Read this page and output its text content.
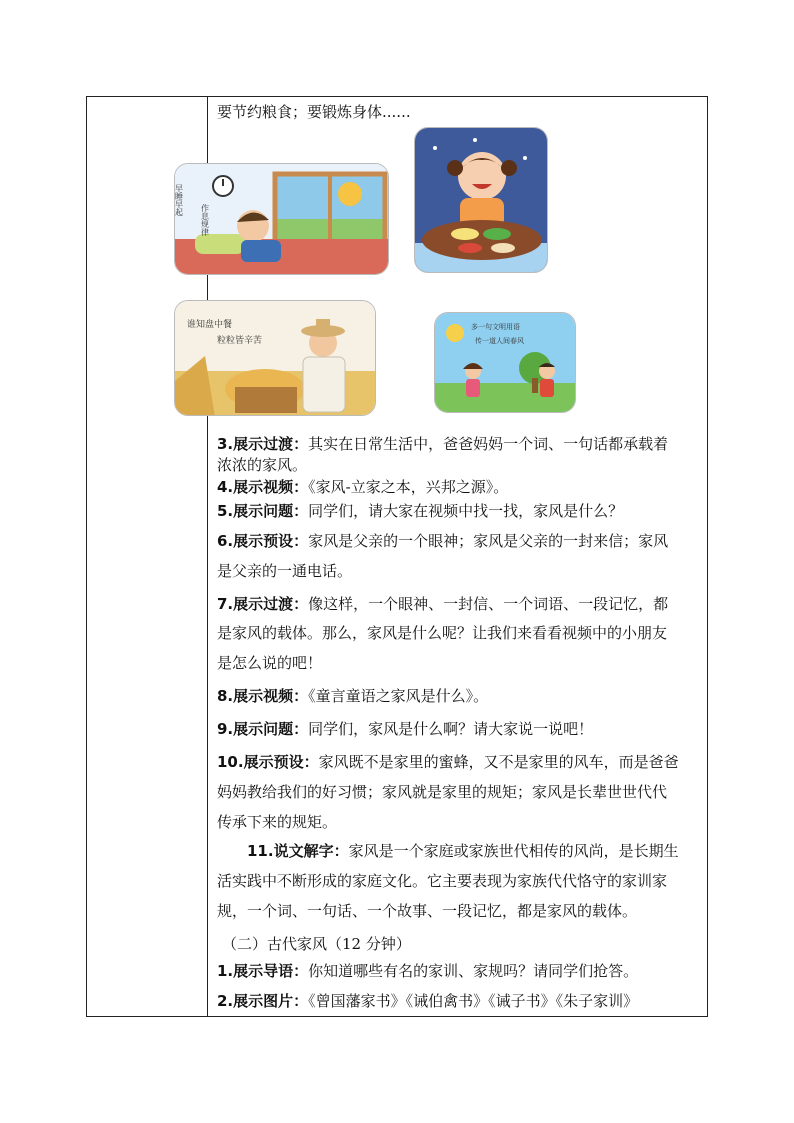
要节约粮食；要锻炼身体......
早睡早起
作息规律
谁知盘中餐
粒粒皆辛苦
多一句文明用语
传一道人间春风
3.展示过渡：其实在日常生活中，爸爸妈妈一个词、一句话都承载着
浓浓的家风。
4.展示视频：《家风-立家之本，兴邦之源》。
5.展示问题：同学们，请大家在视频中找一找，家风是什么？
6.展示预设：家风是父亲的一个眼神；家风是父亲的一封来信；家风
是父亲的一通电话。
7.展示过渡：像这样，一个眼神、一封信、一个词语、一段记忆，都
是家风的载体。那么，家风是什么呢？让我们来看看视频中的小朋友
是怎么说的吧！
8.展示视频：《童言童语之家风是什么》。
9.展示问题：同学们，家风是什么啊？请大家说一说吧！
10.展示预设：家风既不是家里的蜜蜂，又不是家里的风车，而是爸爸
妈妈教给我们的好习惯；家风就是家里的规矩；家风是长辈世世代代
传承下来的规矩。
11.说文解字：家风是一个家庭或家族世代相传的风尚，是长期生
活实践中不断形成的家庭文化。它主要表现为家族代代恪守的家训家
规，一个词、一句话、一个故事、一段记忆，都是家风的载体。
（二）古代家风（12 分钟）
1.展示导语：你知道哪些有名的家训、家规吗？请同学们抢答。
2.展示图片：《曾国藩家书》《诫伯禽书》《诫子书》《朱子家训》
